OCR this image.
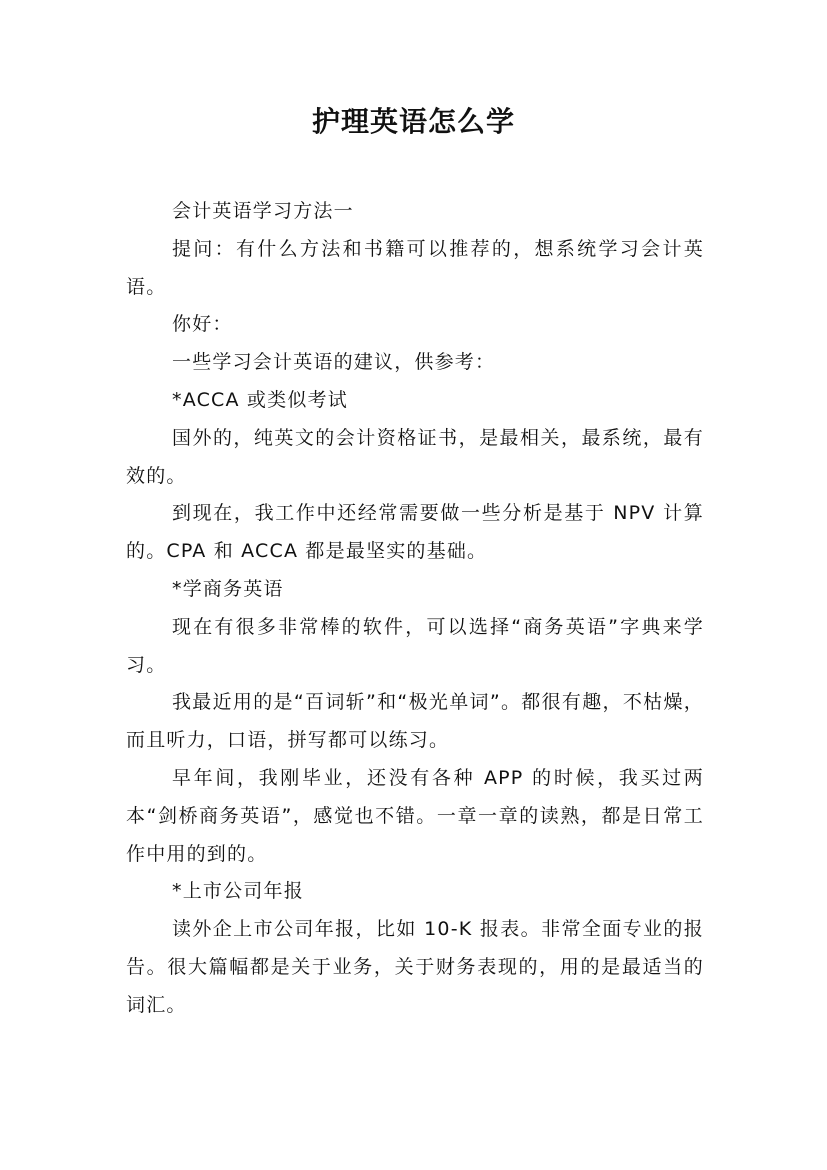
护理英语怎么学

会计英语学习方法一

提问：有什么方法和书籍可以推荐的，想系统学习会计英语。

你好：

一些学习会计英语的建议，供参考：

*ACCA 或类似考试

国外的，纯英文的会计资格证书，是最相关，最系统，最有效的。

到现在，我工作中还经常需要做一些分析是基于 NPV 计算的。CPA 和 ACCA 都是最坚实的基础。

*学商务英语

现在有很多非常棒的软件，可以选择“商务英语”字典来学习。

我最近用的是“百词斩”和“极光单词”。都很有趣，不枯燥，而且听力，口语，拼写都可以练习。

早年间，我刚毕业，还没有各种 APP 的时候，我买过两本“剑桥商务英语”，感觉也不错。一章一章的读熟，都是日常工作中用的到的。

*上市公司年报

读外企上市公司年报，比如 10-K 报表。非常全面专业的报告。很大篇幅都是关于业务，关于财务表现的，用的是最适当的词汇。
